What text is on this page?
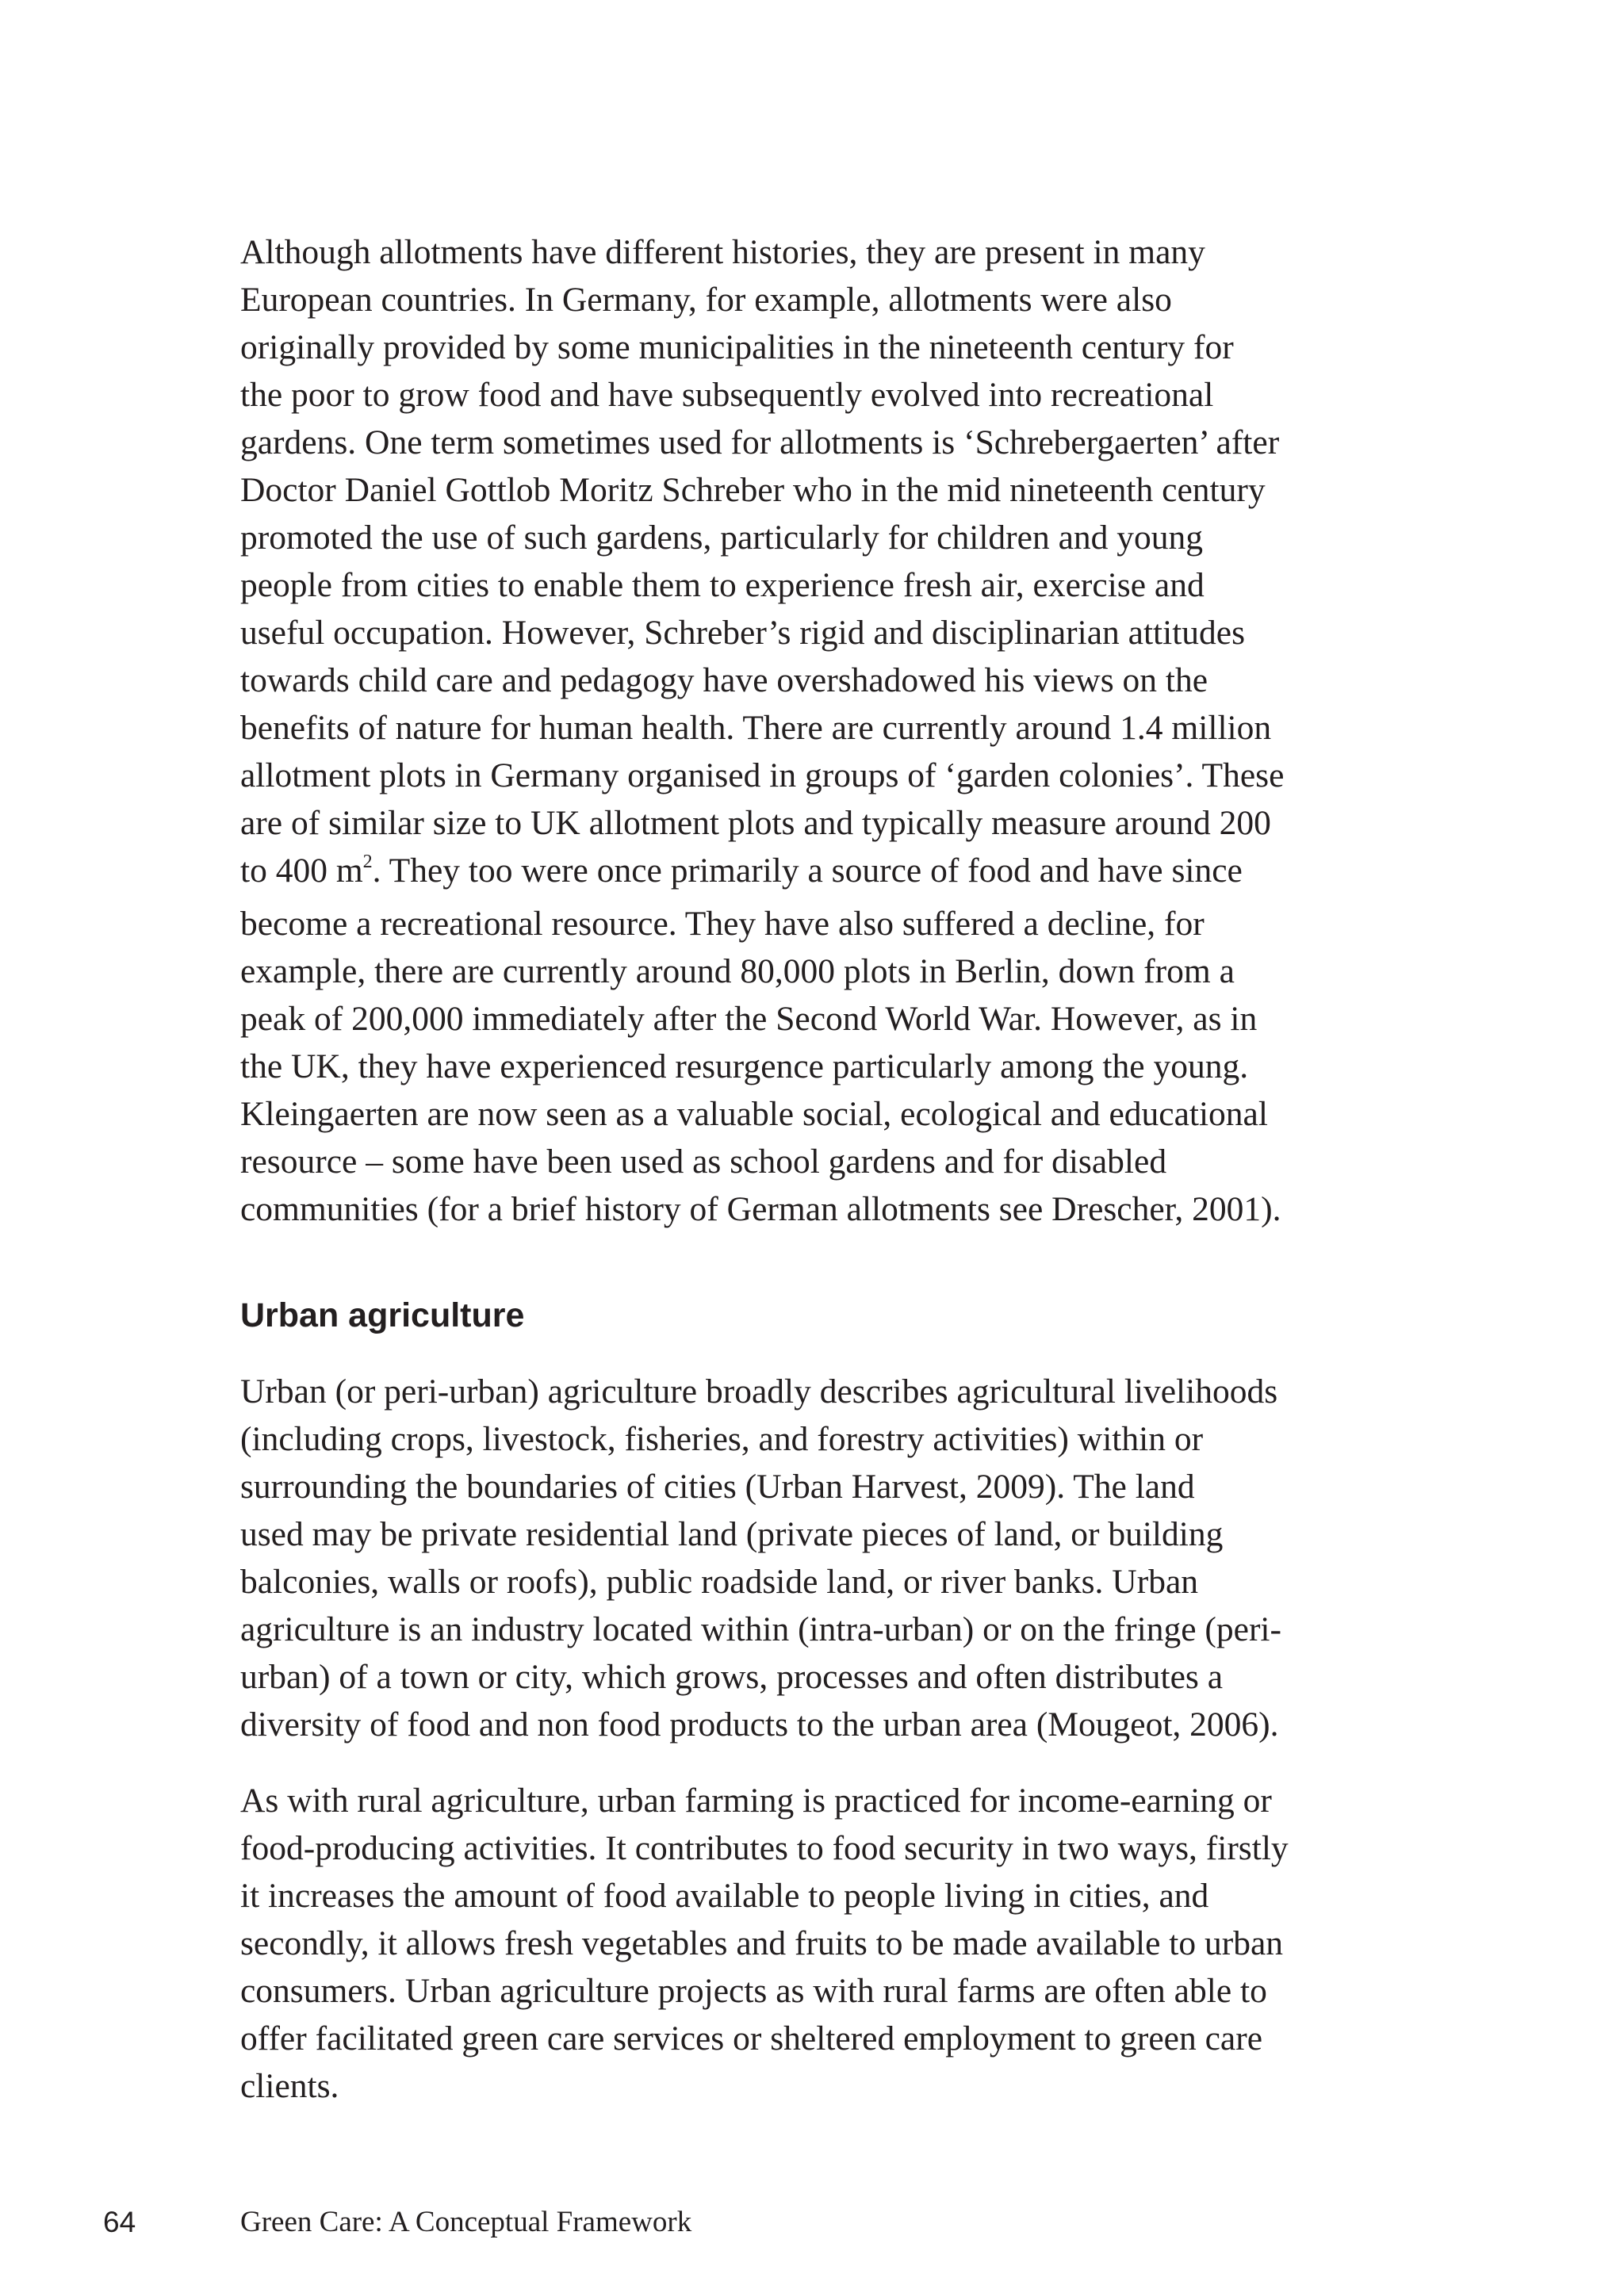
Although allotments have different histories, they are present in many
European countries. In Germany, for example, allotments were also
originally provided by some municipalities in the nineteenth century for
the poor to grow food and have subsequently evolved into recreational
gardens. One term sometimes used for allotments is ‘Schrebergaerten’ after
Doctor Daniel Gottlob Moritz Schreber who in the mid nineteenth century
promoted the use of such gardens, particularly for children and young
people from cities to enable them to experience fresh air, exercise and
useful occupation. However, Schreber’s rigid and disciplinarian attitudes
towards child care and pedagogy have overshadowed his views on the
benefits of nature for human health. There are currently around 1.4 million
allotment plots in Germany organised in groups of ‘garden colonies’. These
are of similar size to UK allotment plots and typically measure around 200
to 400 $m^2$. They too were once primarily a source of food and have since
become a recreational resource. They have also suffered a decline, for
example, there are currently around 80,000 plots in Berlin, down from a
peak of 200,000 immediately after the Second World War. However, as in
the UK, they have experienced resurgence particularly among the young.
Kleingaerten are now seen as a valuable social, ecological and educational
resource – some have been used as school gardens and for disabled
communities (for a brief history of German allotments see Drescher, 2001).

Urban agriculture

Urban (or peri-urban) agriculture broadly describes agricultural livelihoods
(including crops, livestock, fisheries, and forestry activities) within or
surrounding the boundaries of cities (Urban Harvest, 2009). The land
used may be private residential land (private pieces of land, or building
balconies, walls or roofs), public roadside land, or river banks. Urban
agriculture is an industry located within (intra-urban) or on the fringe (peri-
urban) of a town or city, which grows, processes and often distributes a
diversity of food and non food products to the urban area (Mougeot, 2006).

As with rural agriculture, urban farming is practiced for income-earning or
food-producing activities. It contributes to food security in two ways, firstly
it increases the amount of food available to people living in cities, and
secondly, it allows fresh vegetables and fruits to be made available to urban
consumers. Urban agriculture projects as with rural farms are often able to
offer facilitated green care services or sheltered employment to green care
clients.

64	Green Care: A Conceptual Framework
